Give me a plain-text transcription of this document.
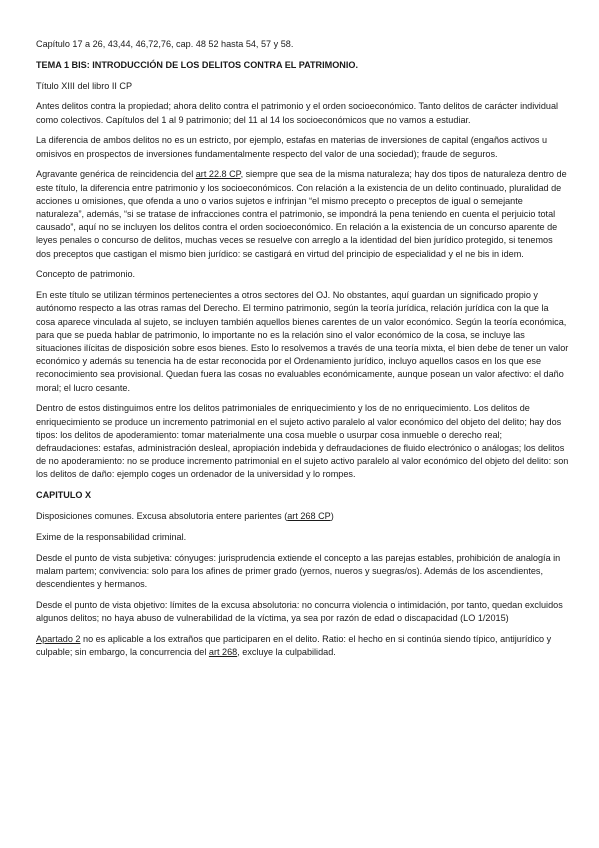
Capítulo 17 a 26, 43,44, 46,72,76, cap. 48 52 hasta 54, 57 y 58.

TEMA 1 BIS: INTRODUCCIÓN DE LOS DELITOS CONTRA EL PATRIMONIO.

Título XIII del libro II CP

Antes delitos contra la propiedad; ahora delito contra el patrimonio y el orden socioeconómico. Tanto delitos de carácter individual como colectivos. Capítulos del 1 al 9 patrimonio; del 11 al 14 los socioeconómicos que no vamos a estudiar.

La diferencia de ambos delitos no es un estricto, por ejemplo, estafas en materias de inversiones de capital (engaños activos u omisivos en prospectos de inversiones fundamentalmente respecto del valor de una sociedad); fraude de seguros.

Agravante genérica de reincidencia del art 22.8 CP, siempre que sea de la misma naturaleza; hay dos tipos de naturaleza dentro de este título, la diferencia entre patrimonio y los socioeconómicos. Con relación a la existencia de un delito continuado, pluralidad de acciones u omisiones, que ofenda a uno o varios sujetos e infrinjan “el mismo precepto o preceptos de igual o semejante naturaleza”, además, “si se tratase de infracciones contra el patrimonio, se impondrá la pena teniendo en cuenta el perjuicio total causado”, aquí no se incluyen los delitos contra el orden socioeconómico. En relación a la existencia de un concurso aparente de leyes penales o concurso de delitos, muchas veces se resuelve con arreglo a la identidad del bien jurídico protegido, si tenemos dos preceptos que castigan el mismo bien jurídico: se castigará en virtud del principio de especialidad y el ne bis in idem.

Concepto de patrimonio.

En este título se utilizan términos pertenecientes a otros sectores del OJ. No obstantes, aquí guardan un significado propio y autónomo respecto a las otras ramas del Derecho. El termino patrimonio, según la teoría jurídica, relación jurídica con la que la cosa aparece vinculada al sujeto, se incluyen también aquellos bienes carentes de un valor económico. Según la teoría económica, para que se pueda hablar de patrimonio, lo importante no es la relación sino el valor económico de la cosa, se incluye las situaciones ilícitas de disposición sobre esos bienes. Esto lo resolvemos a través de una teoría mixta, el bien debe de tener un valor económico y además su tenencia ha de estar reconocida por el Ordenamiento jurídico, incluyo aquellos casos en los que ese reconocimiento sea provisional. Quedan fuera las cosas no evaluables económicamente, aunque posean un valor afectivo: el daño moral; el lucro cesante.

Dentro de estos distinguimos entre los delitos patrimoniales de enriquecimiento y los de no enriquecimiento. Los delitos de enriquecimiento se produce un incremento patrimonial en el sujeto activo paralelo al valor económico del objeto del delito; hay dos tipos: los delitos de apoderamiento: tomar materialmente una cosa mueble o usurpar cosa inmueble o derecho real; defraudaciones: estafas, administración desleal, apropiación indebida y defraudaciones de fluido electrónico o análogas; los delitos de no apoderamiento: no se produce incremento patrimonial en el sujeto activo paralelo al valor económico del objeto del delito: son los delitos de daño: ejemplo coges un ordenador de la universidad y lo rompes.

CAPITULO X

Disposiciones comunes. Excusa absolutoria entere parientes (art 268 CP)

Exime de la responsabilidad criminal.

Desde el punto de vista subjetiva: cónyuges: jurisprudencia extiende el concepto a las parejas estables, prohibición de analogía in malam partem; convivencia: solo para los afines de primer grado (yernos, nueros y suegras/os). Además de los ascendientes, descendientes y hermanos.

Desde el punto de vista objetivo: límites de la excusa absolutoria: no concurra violencia o intimidación, por tanto, quedan excluidos algunos delitos; no haya abuso de vulnerabilidad de la víctima, ya sea por razón de edad o discapacidad (LO 1/2015)

Apartado 2 no es aplicable a los extraños que participaren en el delito. Ratio: el hecho en si continúa siendo típico, antijurídico y culpable; sin embargo, la concurrencia del art 268, excluye la culpabilidad.
